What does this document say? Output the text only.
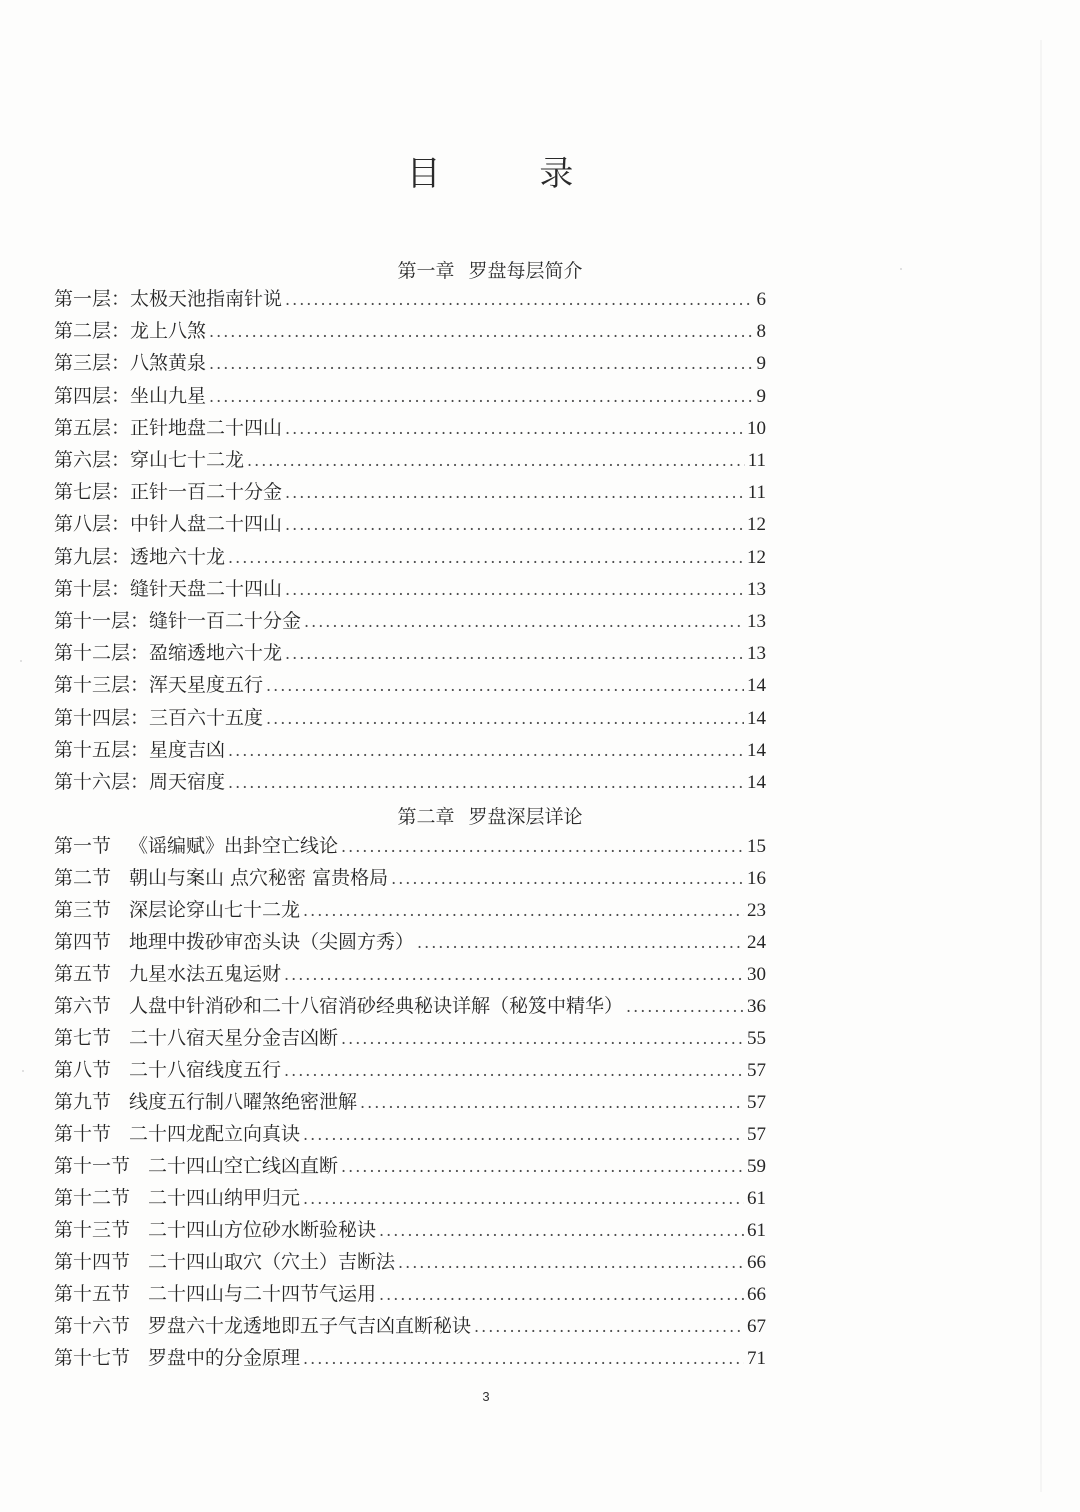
目 录
第一章 罗盘每层简介
第一层 ： 太极天池指南针说 .....	6
第二层 ： 龙上八煞 .....	8
第三层 ： 八煞黄泉 .....	9
第四层 ： 坐山九星 .....	9
第五层 ： 正针地盘二十四山 .....	10
第六层 ： 穿山七十二龙 .....	11
第七层 ： 正针一百二十分金 .....	11
第八层 ： 中针人盘二十四山 .....	12
第九层 ： 透地六十龙 .....	12
第十层 ： 缝针天盘二十四山 .....	13
第十一层 ： 缝针一百二十分金 .....	13
第十二层 ： 盈缩透地六十龙 .....	13
第十三层 ： 浑天星度五行 .....	14
第十四层 ： 三百六十五度 .....	14
第十五层 ： 星度吉凶 .....	14
第十六层 ： 周天宿度 .....	14
第二章 罗盘深层详论
第一节 《谣编赋》出卦空亡线论 .....	15
第二节 朝山与案山 点穴秘密 富贵格局 .....	16
第三节 深层论穿山七十二龙 .....	23
第四节 地理中拨砂审峦头诀（尖圆方秀） .....	24
第五节 九星水法五鬼运财 .....	30
第六节 人盘中针消砂和二十八宿消砂经典秘诀详解（秘笈中精华） .....	36
第七节 二十八宿天星分金吉凶断 .....	55
第八节 二十八宿线度五行 .....	57
第九节 线度五行制八曜煞绝密泄解 .....	57
第十节 二十四龙配立向真诀 .....	57
第十一节 二十四山空亡线凶直断 .....	59
第十二节 二十四山纳甲归元 .....	61
第十三节 二十四山方位砂水断验秘诀 .....	61
第十四节 二十四山取穴（穴土）吉断法 .....	66
第十五节 二十四山与二十四节气运用 .....	66
第十六节 罗盘六十龙透地即五子气吉凶直断秘诀 .....	67
第十七节 罗盘中的分金原理 .....	71
3
